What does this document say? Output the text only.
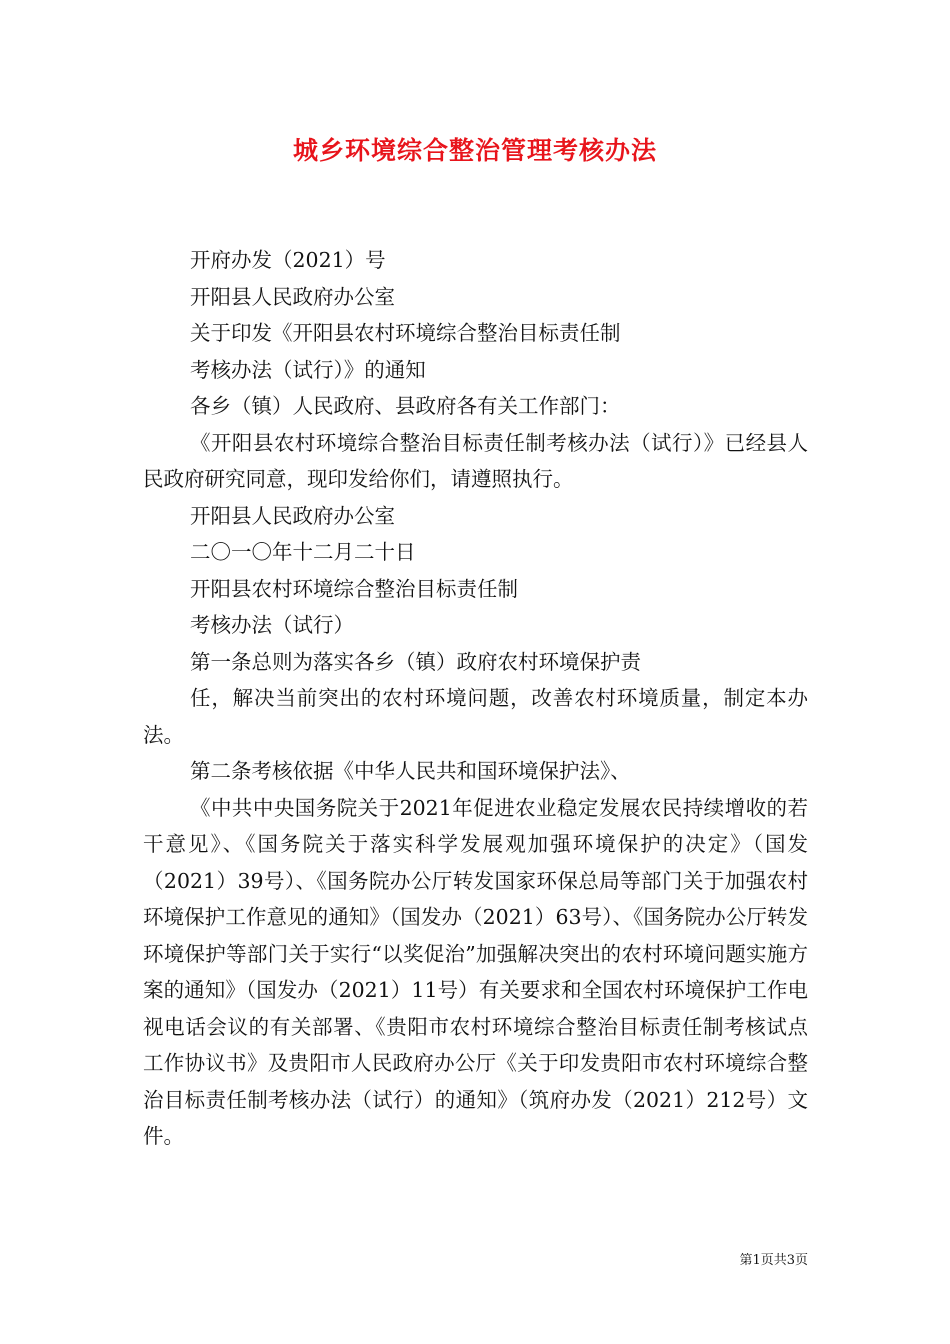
城乡环境综合整治管理考核办法
开府办发（2021）号
开阳县人民政府办公室
关于印发《开阳县农村环境综合整治目标责任制
考核办法（试行）》的通知
各乡（镇）人民政府、县政府各有关工作部门：
《开阳县农村环境综合整治目标责任制考核办法（试行）》已经县人民政府研究同意，现印发给你们，请遵照执行。
开阳县人民政府办公室
二〇一〇年十二月二十日
开阳县农村环境综合整治目标责任制
考核办法（试行）
第一条总则为落实各乡（镇）政府农村环境保护责
任，解决当前突出的农村环境问题，改善农村环境质量，制定本办法。
第二条考核依据《中华人民共和国环境保护法》、
《中共中央国务院关于2021年促进农业稳定发展农民持续增收的若干意见》、《国务院关于落实科学发展观加强环境保护的决定》（国发（2021）39号）、《国务院办公厅转发国家环保总局等部门关于加强农村环境保护工作意见的通知》（国发办（2021）63号）、《国务院办公厅转发环境保护等部门关于实行“以奖促治”加强解决突出的农村环境问题实施方案的通知》（国发办（2021）11号）有关要求和全国农村环境保护工作电视电话会议的有关部署、《贵阳市农村环境综合整治目标责任制考核试点工作协议书》及贵阳市人民政府办公厅《关于印发贵阳市农村环境综合整治目标责任制考核办法（试行）的通知》（筑府办发（2021）212号）文件。
第1页共3页
